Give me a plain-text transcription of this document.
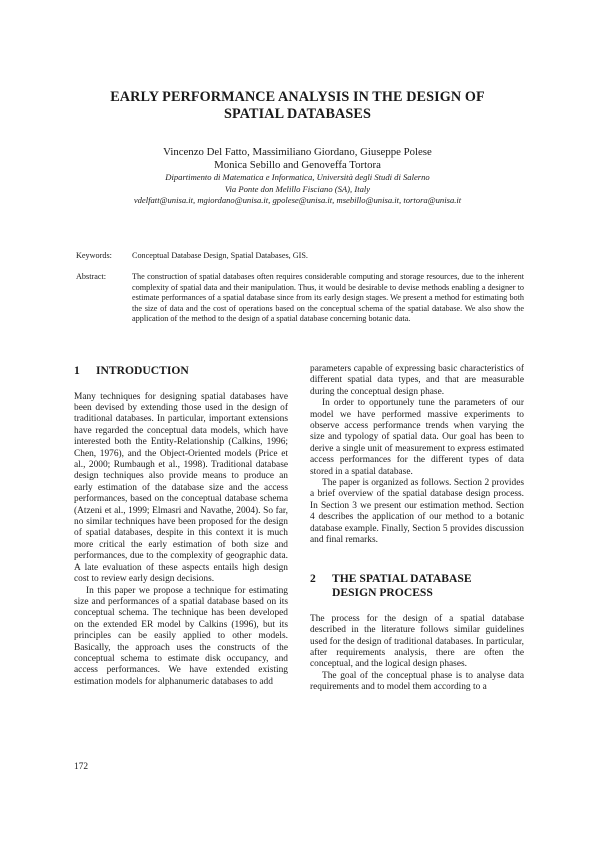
EARLY PERFORMANCE ANALYSIS IN THE DESIGN OF
SPATIAL DATABASES
Vincenzo Del Fatto, Massimiliano Giordano, Giuseppe Polese
Monica Sebillo and Genoveffa Tortora
Dipartimento di Matematica e Informatica, Università degli Studi di Salerno
Via Ponte don Melillo Fisciano (SA), Italy
vdelfatt@unisa.it, mgiordano@unisa.it, gpolese@unisa.it, msebillo@unisa.it, tortora@unisa.it
Keywords: Conceptual Database Design, Spatial Databases, GIS.
Abstract:	The construction of spatial databases often requires considerable computing and storage resources, due to the inherent complexity of spatial data and their manipulation. Thus, it would be desirable to devise methods enabling a designer to estimate performances of a spatial database since from its early design stages. We present a method for estimating both the size of data and the cost of operations based on the conceptual schema of the spatial database. We also show the application of the method to the design of a spatial database concerning botanic data.
1	INTRODUCTION

Many techniques for designing spatial databases have been devised by extending those used in the design of traditional databases. In particular, important extensions have regarded the conceptual data models, which have interested both the Entity-Relationship (Calkins, 1996; Chen, 1976), and the Object-Oriented models (Price et al., 2000; Rumbaugh et al., 1998). Traditional database design techniques also provide means to produce an early estimation of the database size and the access performances, based on the conceptual database schema (Atzeni et al., 1999; Elmasri and Navathe, 2004). So far, no similar techniques have been proposed for the design of spatial databases, despite in this context it is much more critical the early estimation of both size and performances, due to the complexity of geographic data. A late evaluation of these aspects entails high design cost to review early design decisions.

In this paper we propose a technique for estimating size and performances of a spatial database based on its conceptual schema. The technique has been developed on the extended ER model by Calkins (1996), but its principles can be easily applied to other models. Basically, the approach uses the constructs of the conceptual schema to estimate disk occupancy, and access performances. We have extended existing estimation models for alphanumeric databases to add

parameters capable of expressing basic characteristics of different spatial data types, and that are measurable during the conceptual design phase.

In order to opportunely tune the parameters of our model we have performed massive experiments to observe access performance trends when varying the size and typology of spatial data. Our goal has been to derive a single unit of measurement to express estimated access performances for the different types of data stored in a spatial database.

The paper is organized as follows. Section 2 provides a brief overview of the spatial database design process. In Section 3 we present our estimation method. Section 4 describes the application of our method to a botanic database example. Finally, Section 5 provides discussion and final remarks.

2	THE SPATIAL DATABASE
DESIGN PROCESS

The process for the design of a spatial database described in the literature follows similar guidelines used for the design of traditional databases. In particular, after requirements analysis, there are often the conceptual, and the logical design phases.

The goal of the conceptual phase is to analyse data requirements and to model them according to a

172
